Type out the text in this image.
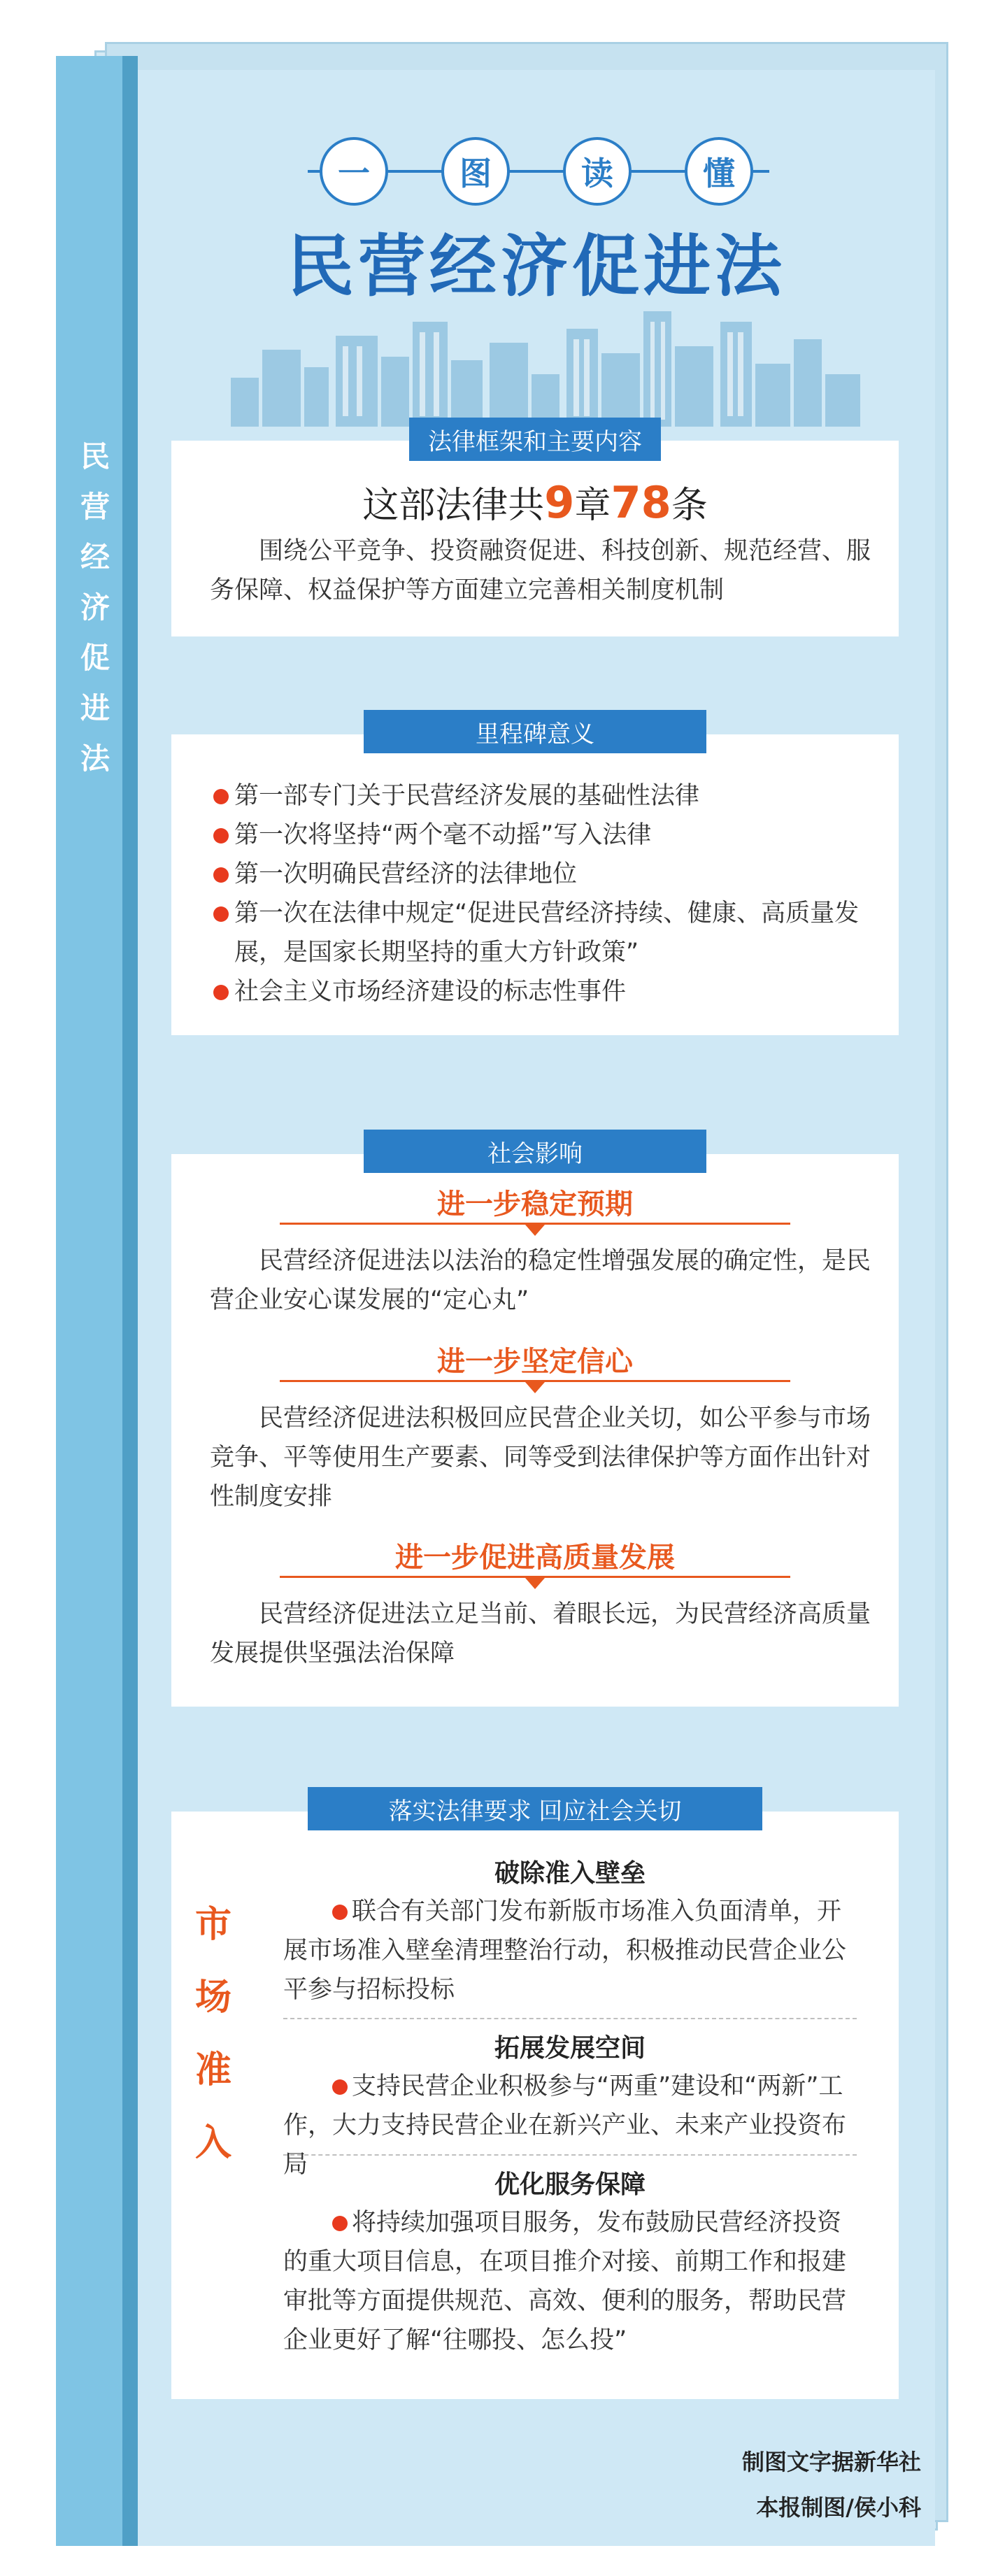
民营经济促进法
一	图	读	懂
民营经济促进法
法律框架和主要内容
这部法律共9章78条
围绕公平竞争、投资融资促进、科技创新、规范经营、服务保障、权益保护等方面建立完善相关制度机制
里程碑意义
第一部专门关于民营经济发展的基础性法律
第一次将坚持“两个毫不动摇”写入法律
第一次明确民营经济的法律地位
第一次在法律中规定“促进民营经济持续、健康、高质量发展，是国家长期坚持的重大方针政策”
社会主义市场经济建设的标志性事件
社会影响
进一步稳定预期
民营经济促进法以法治的稳定性增强发展的确定性，是民营企业安心谋发展的“定心丸”
进一步坚定信心
民营经济促进法积极回应民营企业关切，如公平参与市场竞争、平等使用生产要素、同等受到法律保护等方面作出针对性制度安排
进一步促进高质量发展
民营经济促进法立足当前、着眼长远，为民营经济高质量发展提供坚强法治保障
落实法律要求 回应社会关切
市场准入
破除准入壁垒
联合有关部门发布新版市场准入负面清单，开展市场准入壁垒清理整治行动，积极推动民营企业公平参与招标投标
拓展发展空间
支持民营企业积极参与“两重”建设和“两新”工作，大力支持民营企业在新兴产业、未来产业投资布局
优化服务保障
将持续加强项目服务，发布鼓励民营经济投资的重大项目信息，在项目推介对接、前期工作和报建审批等方面提供规范、高效、便利的服务，帮助民营企业更好了解“往哪投、怎么投”
制图文字据新华社
本报制图/侯小科
